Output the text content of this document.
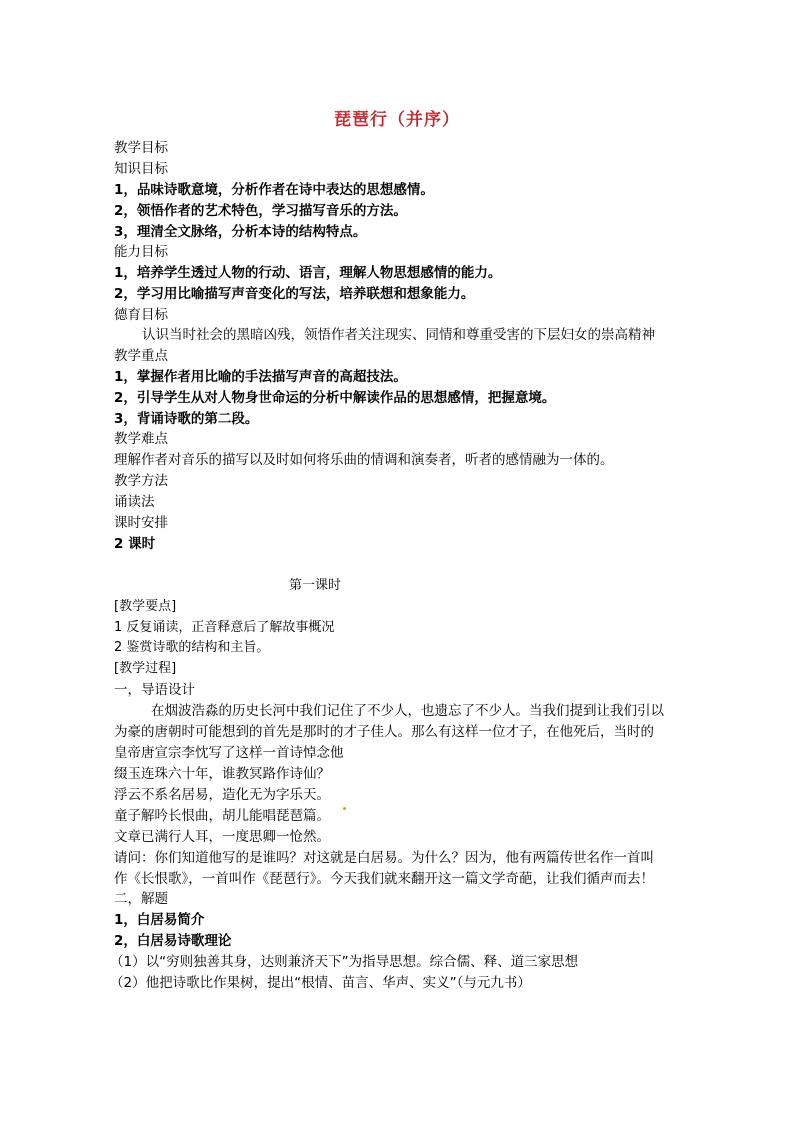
琵琶行（并序）
教学目标
知识目标
1，品味诗歌意境，分析作者在诗中表达的思想感情。
2，领悟作者的艺术特色，学习描写音乐的方法。
3，理清全文脉络，分析本诗的结构特点。
能力目标
1，培养学生透过人物的行动、语言，理解人物思想感情的能力。
2，学习用比喻描写声音变化的写法，培养联想和想象能力。
德育目标
认识当时社会的黑暗凶残，领悟作者关注现实、同情和尊重受害的下层妇女的崇高精神
教学重点
1，掌握作者用比喻的手法描写声音的高超技法。
2，引导学生从对人物身世命运的分析中解读作品的思想感情，把握意境。
3，背诵诗歌的第二段。
教学难点
理解作者对音乐的描写以及时如何将乐曲的情调和演奏者，听者的感情融为一体的。
教学方法
诵读法
课时安排
2 课时
第一课时
[教学要点]
1 反复诵读，正音释意后了解故事概况
2 鉴赏诗歌的结构和主旨。
[教学过程]
一，导语设计
在烟波浩淼的历史长河中我们记住了不少人，也遗忘了不少人。当我们提到让我们引以
为豪的唐朝时可能想到的首先是那时的才子佳人。那么有这样一位才子，在他死后，当时的
皇帝唐宣宗李忱写了这样一首诗悼念他
缀玉连珠六十年，谁教冥路作诗仙？
浮云不系名居易，造化无为字乐天。
童子解吟长恨曲，胡儿能唱琵琶篇。
文章已满行人耳，一度思卿一怆然。
请问：你们知道他写的是谁吗？对这就是白居易。为什么？因为，他有两篇传世名作一首叫
作《长恨歌》，一首叫作《琵琶行》。今天我们就来翻开这一篇文学奇葩，让我们循声而去！
二，解题
1，白居易简介
2，白居易诗歌理论
（1）以“穷则独善其身，达则兼济天下”为指导思想。综合儒、释、道三家思想
（2）他把诗歌比作果树，提出“根情、苗言、华声、实义”（与元九书）
